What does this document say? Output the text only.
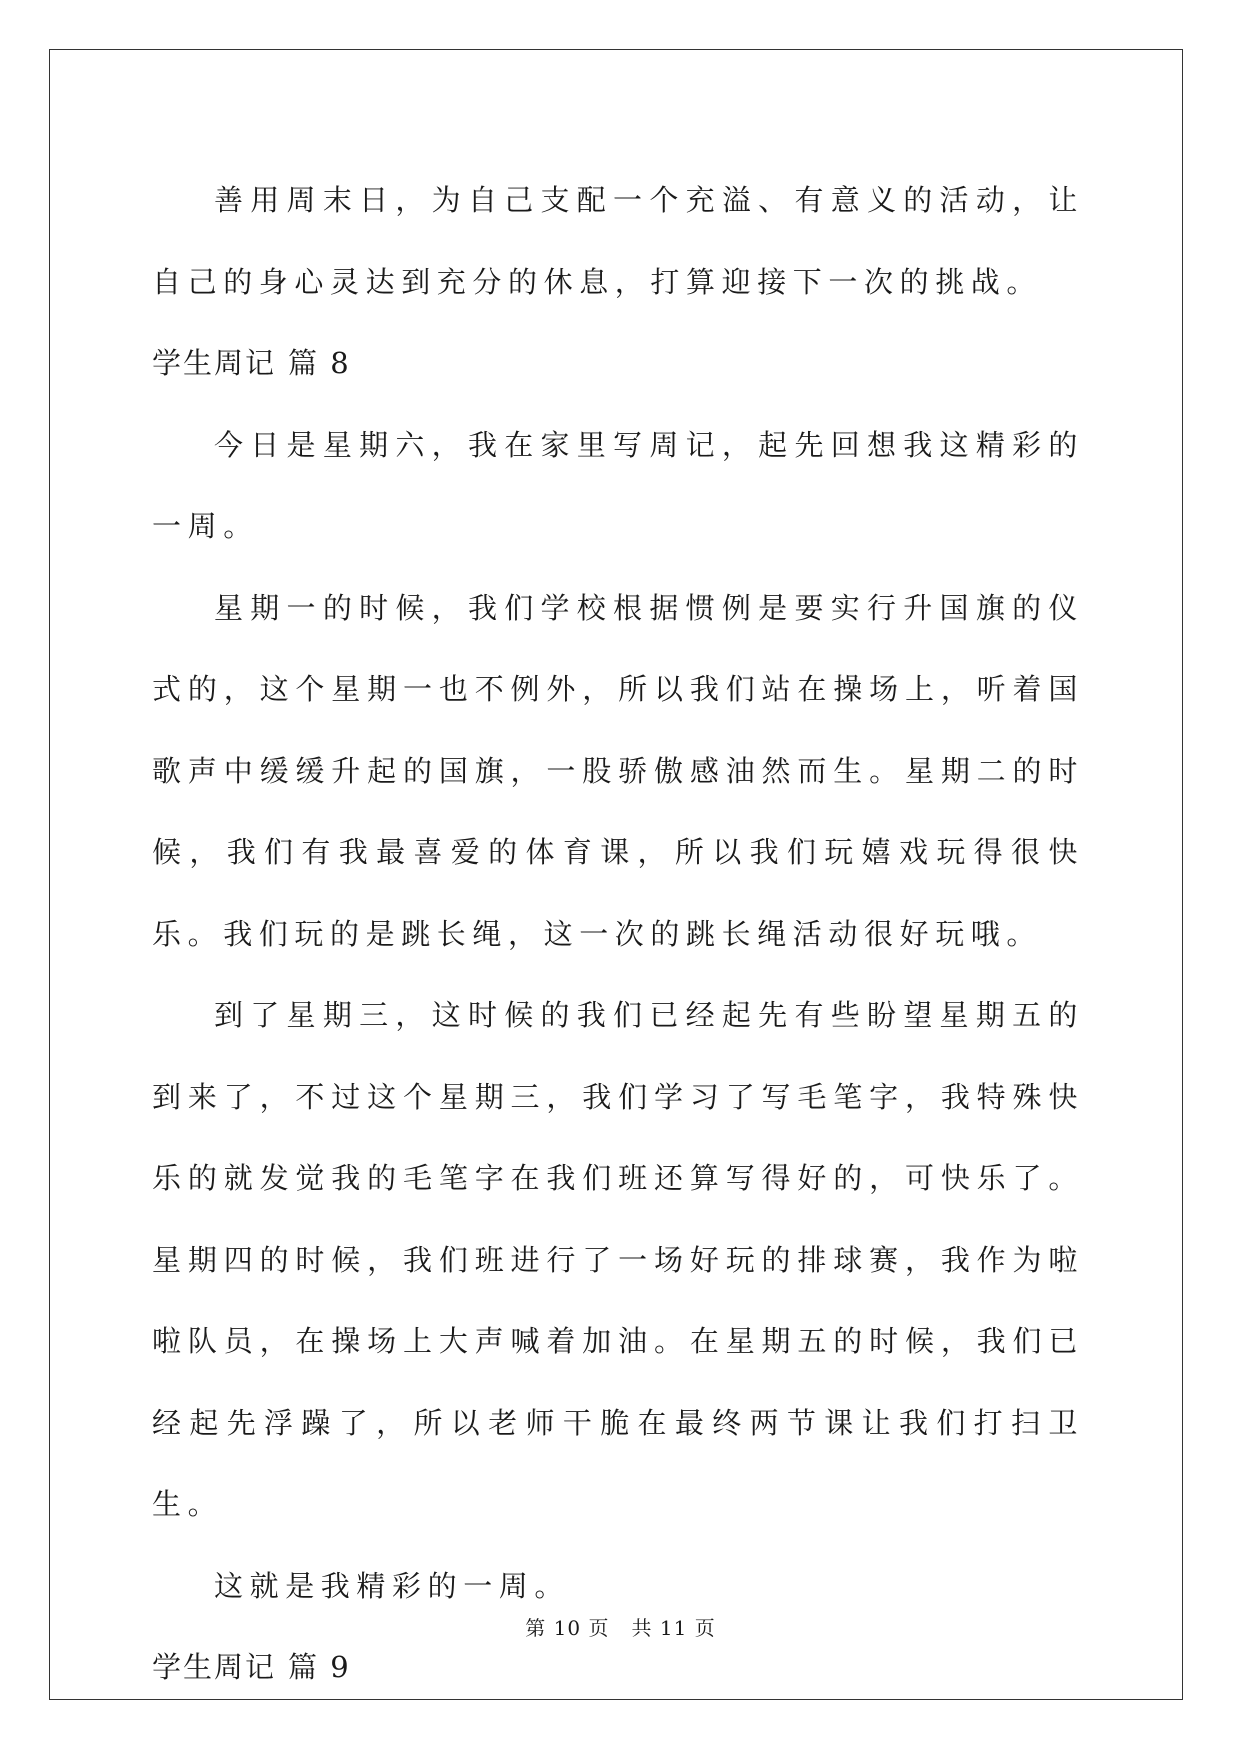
善用周末日，为自己支配一个充溢、有意义的活动，让自己的身心灵达到充分的休息，打算迎接下一次的挑战。

学生周记 篇 8

今日是星期六，我在家里写周记，起先回想我这精彩的一周。

星期一的时候，我们学校根据惯例是要实行升国旗的仪式的，这个星期一也不例外，所以我们站在操场上，听着国歌声中缓缓升起的国旗，一股骄傲感油然而生。星期二的时候，我们有我最喜爱的体育课，所以我们玩嬉戏玩得很快乐。我们玩的是跳长绳，这一次的跳长绳活动很好玩哦。

到了星期三，这时候的我们已经起先有些盼望星期五的到来了，不过这个星期三，我们学习了写毛笔字，我特殊快乐的就发觉我的毛笔字在我们班还算写得好的，可快乐了。星期四的时候，我们班进行了一场好玩的排球赛，我作为啦啦队员，在操场上大声喊着加油。在星期五的时候，我们已经起先浮躁了，所以老师干脆在最终两节课让我们打扫卫生。

这就是我精彩的一周。

学生周记 篇 9

第 10 页   共 11 页
